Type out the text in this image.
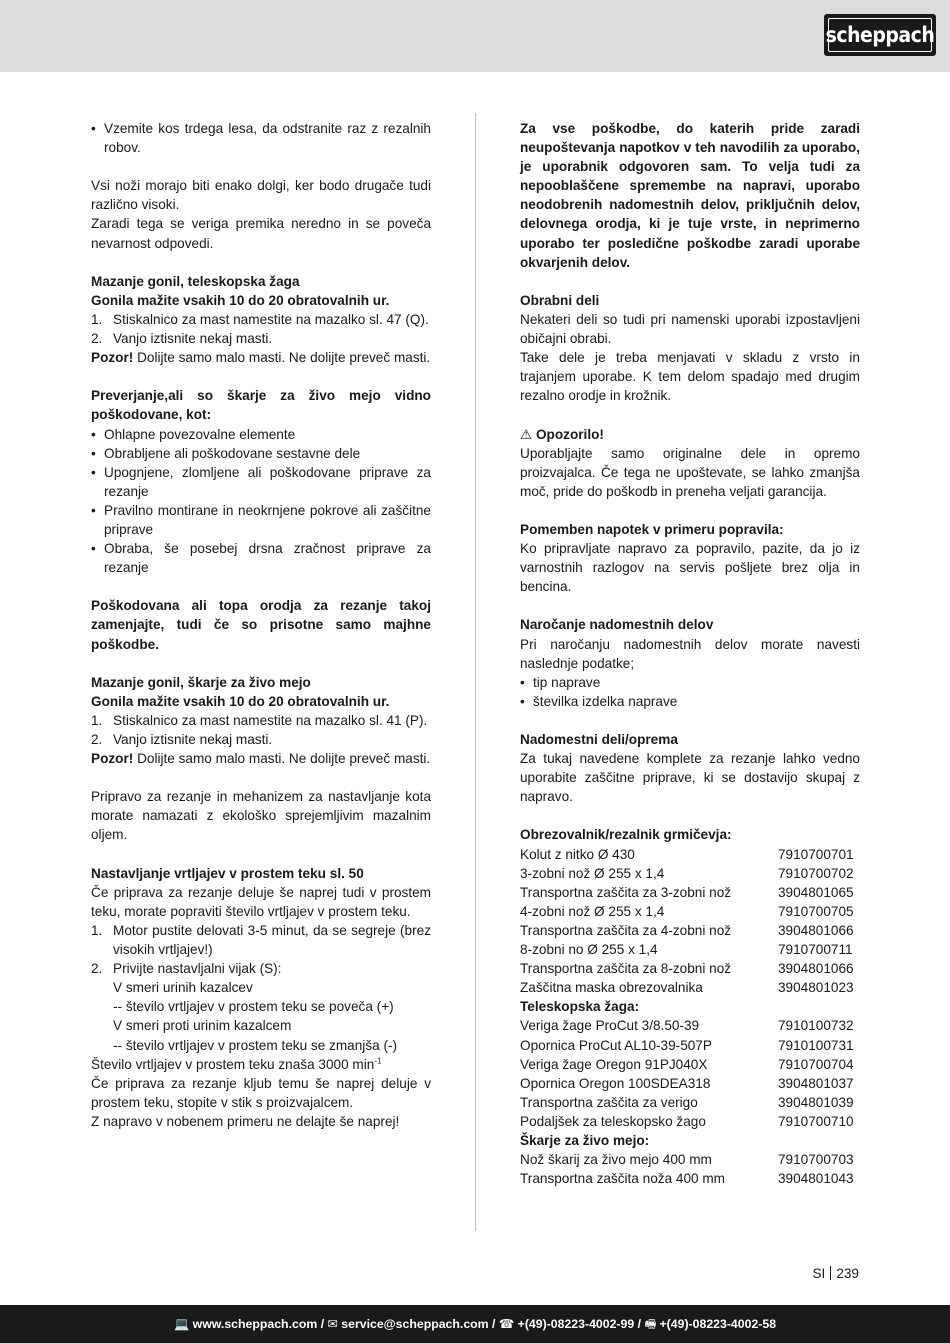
scheppach
• Vzemite kos trdega lesa, da odstranite raz z rezalnih robov.

Vsi noži morajo biti enako dolgi, ker bodo drugače tudi različno visoki.

Zaradi tega se veriga premika neredno in se poveča nevarnost odpovedi.

Mazanje gonil, teleskopska žaga

Gonila mažite vsakih 10 do 20 obratovalnih ur.

1. Stiskalnico za mast namestite na mazalko sl. 47 (Q).
2. Vanjo iztisnite nekaj masti.

Pozor! Dolijte samo malo masti. Ne dolijte preveč masti.

Preverjanje,ali so škarje za živo mejo vidno poškodovane, kot:

• Ohlapne povezovalne elemente
• Obrabljene ali poškodovane sestavne dele
• Upognjene, zlomljene ali poškodovane priprave za rezanje
• Pravilno montirane in neokrnjene pokrove ali zaščitne priprave
• Obraba, še posebej drsna zračnost priprave za rezanje

Poškodovana ali topa orodja za rezanje takoj zamenjajte, tudi če so prisotne samo majhne poškodbe.

Mazanje gonil, škarje za živo mejo

Gonila mažite vsakih 10 do 20 obratovalnih ur.

1. Stiskalnico za mast namestite na mazalko sl. 41 (P).
2. Vanjo iztisnite nekaj masti.

Pozor! Dolijte samo malo masti. Ne dolijte preveč masti.

Pripravo za rezanje in mehanizem za nastavljanje kota morate namazati z ekološko sprejemljivim mazalnim oljem.

Nastavljanje vrtljajev v prostem teku sl. 50

Če priprava za rezanje deluje še naprej tudi v prostem teku, morate popraviti število vrtljajev v prostem teku.

1. Motor pustite delovati 3-5 minut, da se segreje (brez visokih vrtljajev!)
2. Privijte nastavljalni vijak (S):
V smeri urinih kazalcev
-- število vrtljajev v prostem teku se poveča (+)
V smeri proti urinim kazalcem
-- število vrtljajev v prostem teku se zmanjša (-)

Število vrtljajev v prostem teku znaša 3000 $\min^{-1}$

Če priprava za rezanje kljub temu še naprej deluje v prostem teku, stopite v stik s proizvajalcem.

Z napravo v nobenem primeru ne delajte še naprej!

Za vse poškodbe, do katerih pride zaradi neupoštevanja napotkov v teh navodilih za uporabo, je uporabnik odgovoren sam. To velja tudi za nepooblaščene spremembe na napravi, uporabo neodobrenih nadomestnih delov, priključnih delov, delovnega orodja, ki je tuje vrste, in neprimerno uporabo ter posledične poškodbe zaradi uporabe okvarjenih delov.

Obrabni deli

Nekateri deli so tudi pri namenski uporabi izpostavljeni običajni obrabi.

Take dele je treba menjavati v skladu z vrsto in trajanjem uporabe. K tem delom spadajo med drugim rezalno orodje in krožnik.

⚠ Opozorilo!

Uporabljajte samo originalne dele in opremo proizvajalca. Če tega ne upoštevate, se lahko zmanjša moč, pride do poškodb in preneha veljati garancija.

Pomemben napotek v primeru popravila:

Ko pripravljate napravo za popravilo, pazite, da jo iz varnostnih razlogov na servis pošljete brez olja in bencina.

Naročanje nadomestnih delov

Pri naročanju nadomestnih delov morate navesti naslednje podatke;

• tip naprave
• številka izdelka naprave

Nadomestni deli/oprema

Za tukaj navedene komplete za rezanje lahko vedno uporabite zaščitne priprave, ki se dostavijo skupaj z napravo.

Obrezovalnik/rezalnik grmičevja:	
Kolut z nitko Ø 430	7910700701
3-zobni nož Ø 255 x 1,4	7910700702
Transportna zaščita za 3-zobni nož	3904801065
4-zobni nož Ø 255 x 1,4	7910700705
Transportna zaščita za 4-zobni nož	3904801066
8-zobni no Ø 255 x 1,4	7910700711
Transportna zaščita za 8-zobni nož	3904801066
Zaščitna maska obrezovalnika	3904801023
Teleskopska žaga:	
Veriga žage ProCut 3/8.50-39	7910100732
Opornica ProCut AL10-39-507P	7910100731
Veriga žage Oregon 91PJ040X	7910700704
Opornica Oregon 100SDEA318	3904801037
Transportna zaščita za verigo	3904801039
Podaljšek za teleskopsko žago	7910700710
Škarje za živo mejo:	
Nož škarij za živo mejo 400 mm	7910700703
Transportna zaščita noža 400 mm	3904801043
SI 239
💻 www.scheppach.com / ✉ service@scheppach.com / ☎ +(49)-08223-4002-99 / 🖷 +(49)-08223-4002-58
